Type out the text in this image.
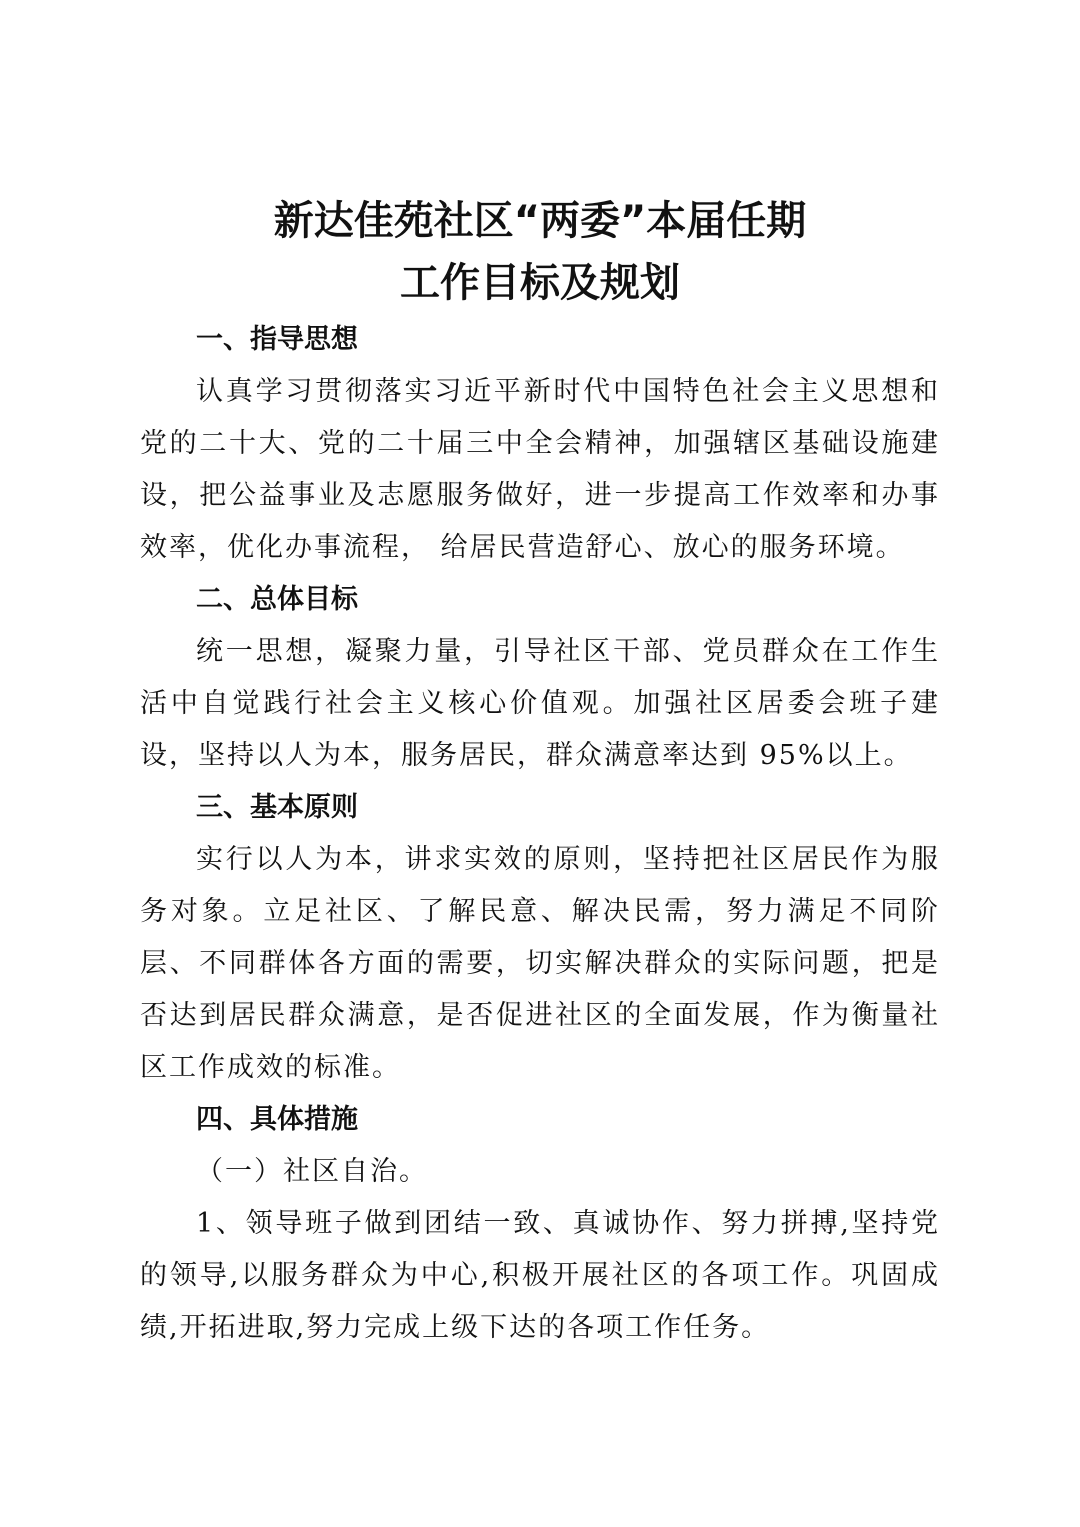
新达佳苑社区“两委”本届任期
工作目标及规划
一、指导思想

认真学习贯彻落实习近平新时代中国特色社会主义思想和党的二十大、党的二十届三中全会精神，加强辖区基础设施建设，把公益事业及志愿服务做好，进一步提高工作效率和办事效率，优化办事流程， 给居民营造舒心、放心的服务环境。

二、总体目标

统一思想，凝聚力量，引导社区干部、党员群众在工作生活中自觉践行社会主义核心价值观。加强社区居委会班子建设，坚持以人为本，服务居民，群众满意率达到 95%以上。

三、基本原则

实行以人为本，讲求实效的原则，坚持把社区居民作为服务对象。立足社区、了解民意、解决民需，努力满足不同阶层、不同群体各方面的需要，切实解决群众的实际问题，把是否达到居民群众满意，是否促进社区的全面发展，作为衡量社区工作成效的标准。

四、具体措施
（一）社区自治。

1、领导班子做到团结一致、真诚协作、努力拼搏,坚持党的领导,以服务群众为中心,积极开展社区的各项工作。巩固成绩,开拓进取,努力完成上级下达的各项工作任务。
